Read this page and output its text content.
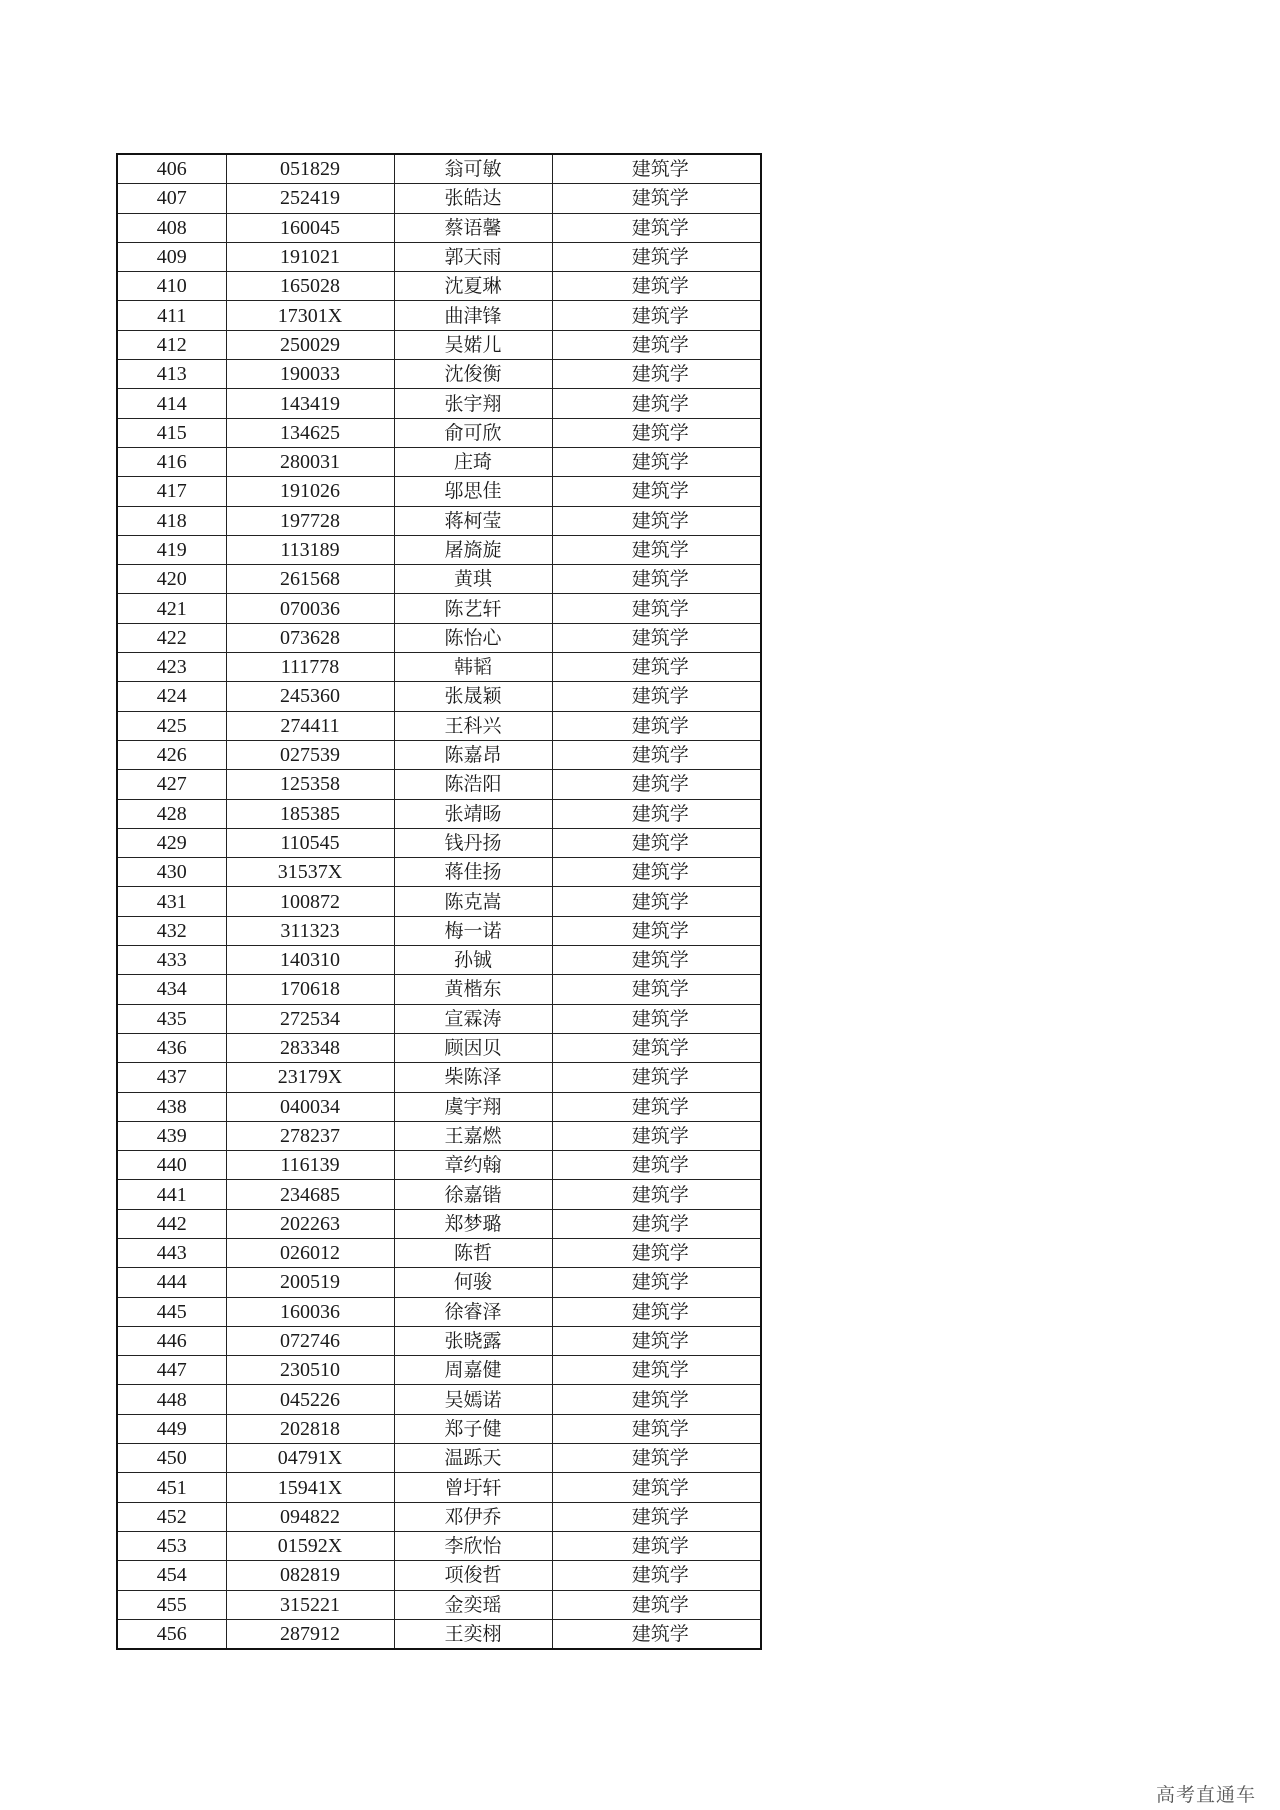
406	051829	翁可敏	建筑学
407	252419	张皓达	建筑学
408	160045	蔡语馨	建筑学
409	191021	郭天雨	建筑学
410	165028	沈夏琳	建筑学
411	17301X	曲津锋	建筑学
412	250029	吴婼儿	建筑学
413	190033	沈俊衡	建筑学
414	143419	张宇翔	建筑学
415	134625	俞可欣	建筑学
416	280031	庄琦	建筑学
417	191026	邬思佳	建筑学
418	197728	蒋柯莹	建筑学
419	113189	屠旖旋	建筑学
420	261568	黄琪	建筑学
421	070036	陈艺轩	建筑学
422	073628	陈怡心	建筑学
423	111778	韩韬	建筑学
424	245360	张晟颖	建筑学
425	274411	王科兴	建筑学
426	027539	陈嘉昂	建筑学
427	125358	陈浩阳	建筑学
428	185385	张靖旸	建筑学
429	110545	钱丹扬	建筑学
430	31537X	蒋佳扬	建筑学
431	100872	陈克嵩	建筑学
432	311323	梅一诺	建筑学
433	140310	孙铖	建筑学
434	170618	黄楷东	建筑学
435	272534	宣霖涛	建筑学
436	283348	顾因贝	建筑学
437	23179X	柴陈泽	建筑学
438	040034	虞宇翔	建筑学
439	278237	王嘉燃	建筑学
440	116139	章约翰	建筑学
441	234685	徐嘉锴	建筑学
442	202263	郑梦璐	建筑学
443	026012	陈哲	建筑学
444	200519	何骏	建筑学
445	160036	徐睿泽	建筑学
446	072746	张晓露	建筑学
447	230510	周嘉健	建筑学
448	045226	吴嫣诺	建筑学
449	202818	郑子健	建筑学
450	04791X	温跞天	建筑学
451	15941X	曾圩轩	建筑学
452	094822	邓伊乔	建筑学
453	01592X	李欣怡	建筑学
454	082819	项俊哲	建筑学
455	315221	金奕瑶	建筑学
456	287912	王奕栩	建筑学
高考直通车
